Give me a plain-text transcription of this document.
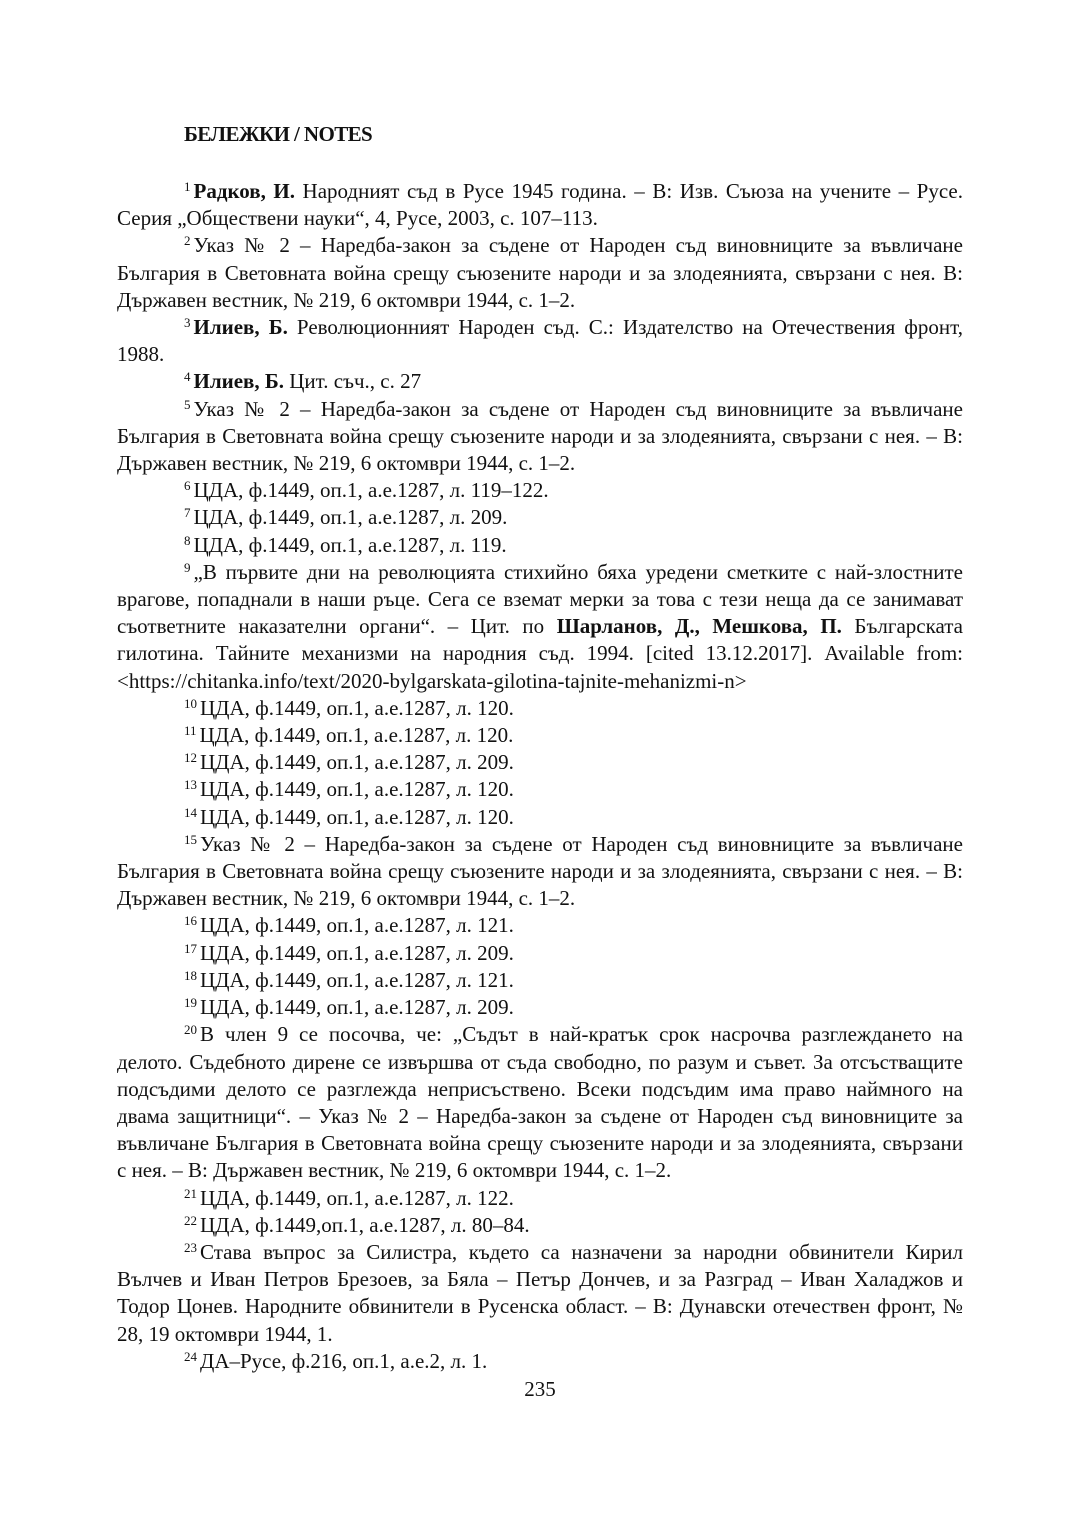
БЕЛЕЖКИ / NOTES

$^1$ Радков, И. Народният съд в Русе 1945 година. – В: Изв. Съюза на учените – Русе. Серия „Обществени науки“, 4, Русе, 2003, с. 107–113.

$^2$ Указ № 2 – Наредба-закон за съдене от Народен съд виновниците за въвличане България в Световната война срещу съюзените народи и за злодеянията, свързани с нея. В: Държавен вестник, № 219, 6 октомври 1944, с. 1–2.

$^3$ Илиев, Б. Революционният Народен съд. С.: Издателство на Отечествения фронт, 1988.

$^4$ Илиев, Б. Цит. съч., с. 27

$^5$ Указ № 2 – Наредба-закон за съдене от Народен съд виновниците за въвличане България в Световната война срещу съюзените народи и за злодеянията, свързани с нея. – В: Държавен вестник, № 219, 6 октомври 1944, с. 1–2.

$^6$ ЦДА, ф.1449, оп.1, а.е.1287, л. 119–122.

$^7$ ЦДА, ф.1449, оп.1, а.е.1287, л. 209.

$^8$ ЦДА, ф.1449, оп.1, а.е.1287, л. 119.

$^9$ „В първите дни на революцията стихийно бяха уредени сметките с най-злостните врагове, попаднали в наши ръце. Сега се вземат мерки за това с тези неща да се занимават съответните наказателни органи“. – Цит. по Шарланов, Д., Мешкова, П. Българската гилотина. Тайните механизми на народния съд. 1994. [cited 13.12.2017]. Available from: <https://chitanka.info/text/2020-bylgarskata-gilotina-tajnite-mehanizmi-n>

$^{10}$ ЦДА, ф.1449, оп.1, а.е.1287, л. 120.

$^{11}$ ЦДА, ф.1449, оп.1, а.е.1287, л. 120.

$^{12}$ ЦДА, ф.1449, оп.1, а.е.1287, л. 209.

$^{13}$ ЦДА, ф.1449, оп.1, а.е.1287, л. 120.

$^{14}$ ЦДА, ф.1449, оп.1, а.е.1287, л. 120.

$^{15}$ Указ № 2 – Наредба-закон за съдене от Народен съд виновниците за въвличане България в Световната война срещу съюзените народи и за злодеянията, свързани с нея. – В: Държавен вестник, № 219, 6 октомври 1944, с. 1–2.

$^{16}$ ЦДА, ф.1449, оп.1, а.е.1287, л. 121.

$^{17}$ ЦДА, ф.1449, оп.1, а.е.1287, л. 209.

$^{18}$ ЦДА, ф.1449, оп.1, а.е.1287, л. 121.

$^{19}$ ЦДА, ф.1449, оп.1, а.е.1287, л. 209.

$^{20}$ В член 9 се посочва, че: „Съдът в най-кратък срок насрочва разглеждането на делото. Съдебното дирене се извършва от съда свободно, по разум и съвет. За отсъстващите подсъдими делото се разглежда неприсъствено. Всеки подсъдим има право наймного на двама защитници“. – Указ № 2 – Наредба-закон за съдене от Народен съд виновниците за въвличане България в Световната война срещу съюзените народи и за злодеянията, свързани с нея. – В: Държавен вестник, № 219, 6 октомври 1944, с. 1–2.

$^{21}$ ЦДА, ф.1449, оп.1, а.е.1287, л. 122.

$^{22}$ ЦДА, ф.1449,оп.1, а.е.1287, л. 80–84.

$^{23}$ Става въпрос за Силистра, където са назначени за народни обвинители Кирил Вълчев и Иван Петров Брезоев, за Бяла – Петър Дончев, и за Разград – Иван Халаджов и Тодор Цонев. Народните обвинители в Русенска област. – В: Дунавски отечествен фронт, № 28, 19 октомври 1944, 1.

$^{24}$ ДА–Русе, ф.216, оп.1, а.е.2, л. 1.

235
